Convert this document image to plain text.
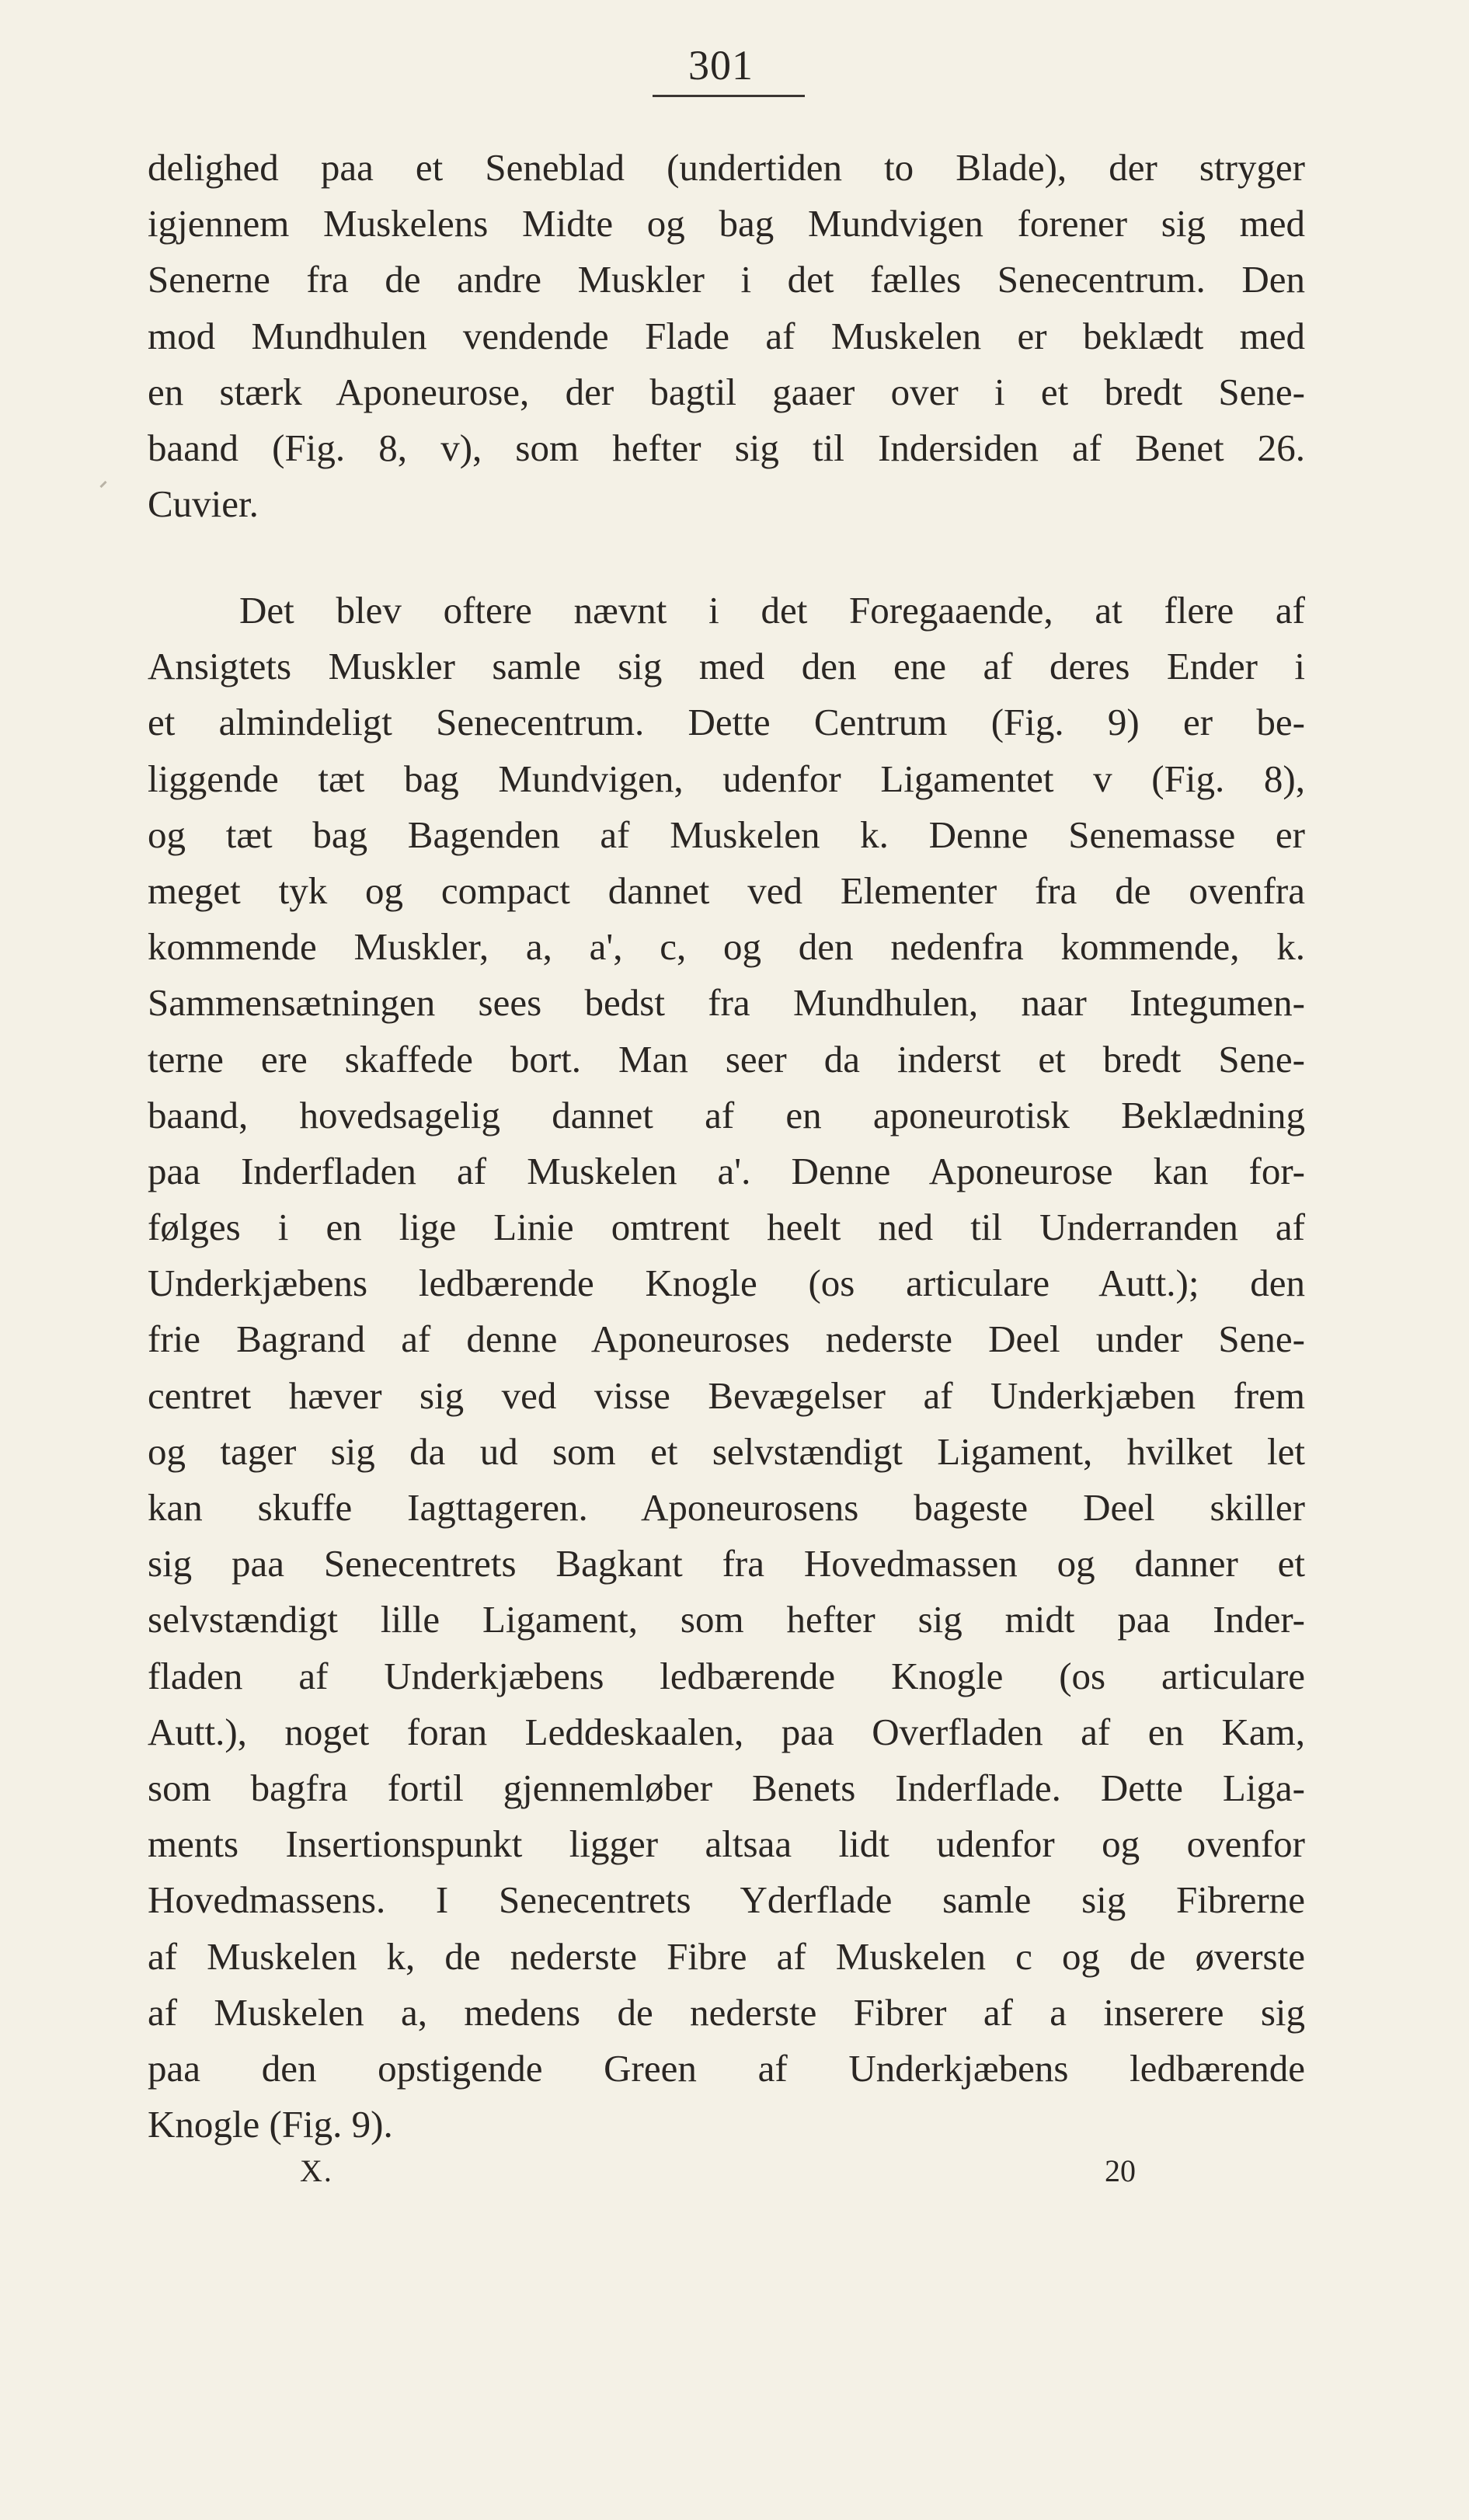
301
delighed paa et Seneblad (undertiden to Blade), der stryger
igjennem Muskelens Midte og bag Mundvigen forener sig med
Senerne fra de andre Muskler i det fælles Senecentrum. Den
mod Mundhulen vendende Flade af Muskelen er beklædt med
en stærk Aponeurose, der bagtil gaaer over i et bredt Sene-
baand (Fig. 8, v), som hefter sig til Indersiden af Benet 26.
Cuvier.
Det blev oftere nævnt i det Foregaaende, at flere af
Ansigtets Muskler samle sig med den ene af deres Ender i
et almindeligt Senecentrum. Dette Centrum (Fig. 9) er be-
liggende tæt bag Mundvigen, udenfor Ligamentet v (Fig. 8),
og tæt bag Bagenden af Muskelen k. Denne Senemasse er
meget tyk og compact dannet ved Elementer fra de ovenfra
kommende Muskler, a, a', c, og den nedenfra kommende, k.
Sammensætningen sees bedst fra Mundhulen, naar Integumen-
terne ere skaffede bort. Man seer da inderst et bredt Sene-
baand, hovedsagelig dannet af en aponeurotisk Beklædning
paa Inderfladen af Muskelen a'. Denne Aponeurose kan for-
følges i en lige Linie omtrent heelt ned til Underranden af
Underkjæbens ledbærende Knogle (os articulare Autt.); den
frie Bagrand af denne Aponeuroses nederste Deel under Sene-
centret hæver sig ved visse Bevægelser af Underkjæben frem
og tager sig da ud som et selvstændigt Ligament, hvilket let
kan skuffe Iagttageren. Aponeurosens bageste Deel skiller
sig paa Senecentrets Bagkant fra Hovedmassen og danner et
selvstændigt lille Ligament, som hefter sig midt paa Inder-
fladen af Underkjæbens ledbærende Knogle (os articulare
Autt.), noget foran Leddeskaalen, paa Overfladen af en Kam,
som bagfra fortil gjennemløber Benets Inderflade. Dette Liga-
ments Insertionspunkt ligger altsaa lidt udenfor og ovenfor
Hovedmassens. I Senecentrets Yderflade samle sig Fibrerne
af Muskelen k, de nederste Fibre af Muskelen c og de øverste
af Muskelen a, medens de nederste Fibrer af a inserere sig
paa den opstigende Green af Underkjæbens ledbærende
Knogle (Fig. 9).
X.	20
